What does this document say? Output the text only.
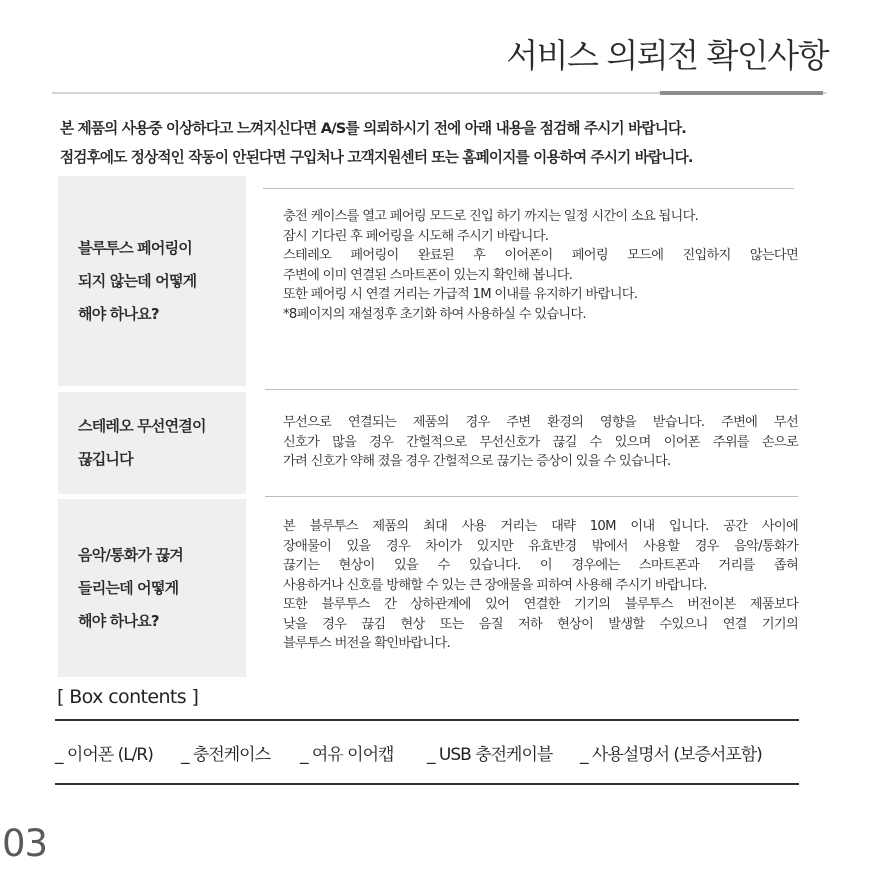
서비스 의뢰전 확인사항
본 제품의 사용중 이상하다고 느껴지신다면 A/S를 의뢰하시기 전에 아래 내용을 점검해 주시기 바랍니다.
점검후에도 정상적인 작동이 안된다면 구입처나 고객지원센터 또는 홈페이지를 이용하여 주시기 바랍니다.
블루투스 페어링이
되지 않는데 어떻게
해야 하나요?
충전 케이스를 열고 페어링 모드로 진입 하기 까지는 일정 시간이 소요 됩니다.
잠시 기다린 후 페어링을 시도해 주시기 바랍니다.
스테레오 페어링이 완료된 후 이어폰이 페어링 모드에 진입하지 않는다면
주변에 이미 연결된 스마트폰이 있는지 확인해 봅니다.
또한 페어링 시 연결 거리는 가급적 1M 이내를 유지하기 바랍니다.
*8페이지의 재설정후 초기화 하여 사용하실 수 있습니다.
스테레오 무선연결이
끊깁니다
무선으로 연결되는 제품의 경우 주변 환경의 영향을 받습니다. 주변에 무선
신호가 많을 경우 간헐적으로 무선신호가 끊길 수 있으며 이어폰 주위를 손으로
가려 신호가 약해 졌을 경우 간헐적으로 끊기는 증상이 있을 수 있습니다.
음악/통화가 끊겨
들리는데 어떻게
해야 하나요?
본 블루투스 제품의 최대 사용 거리는 대략 10M 이내 입니다. 공간 사이에
장애물이 있을 경우 차이가 있지만 유효반경 밖에서 사용할 경우 음악/통화가
끊기는 현상이 있을 수 있습니다. 이 경우에는 스마트폰과 거리를 좁혀
사용하거나 신호를 방해할 수 있는 큰 장애물을 피하여 사용해 주시기 바랍니다.
또한 블루투스 간 상하관계에 있어 연결한 기기의 블루투스 버전이본 제품보다
낮을 경우 끊김 현상 또는 음질 저하 현상이 발생할 수있으니 연결 기기의
블루투스 버전을 확인바랍니다.
[ Box contents ]
_ 이어폰 (L/R) _ 충전케이스 _ 여유 이어캡 _ USB 충전케이블 _ 사용설명서 (보증서포함)
03
